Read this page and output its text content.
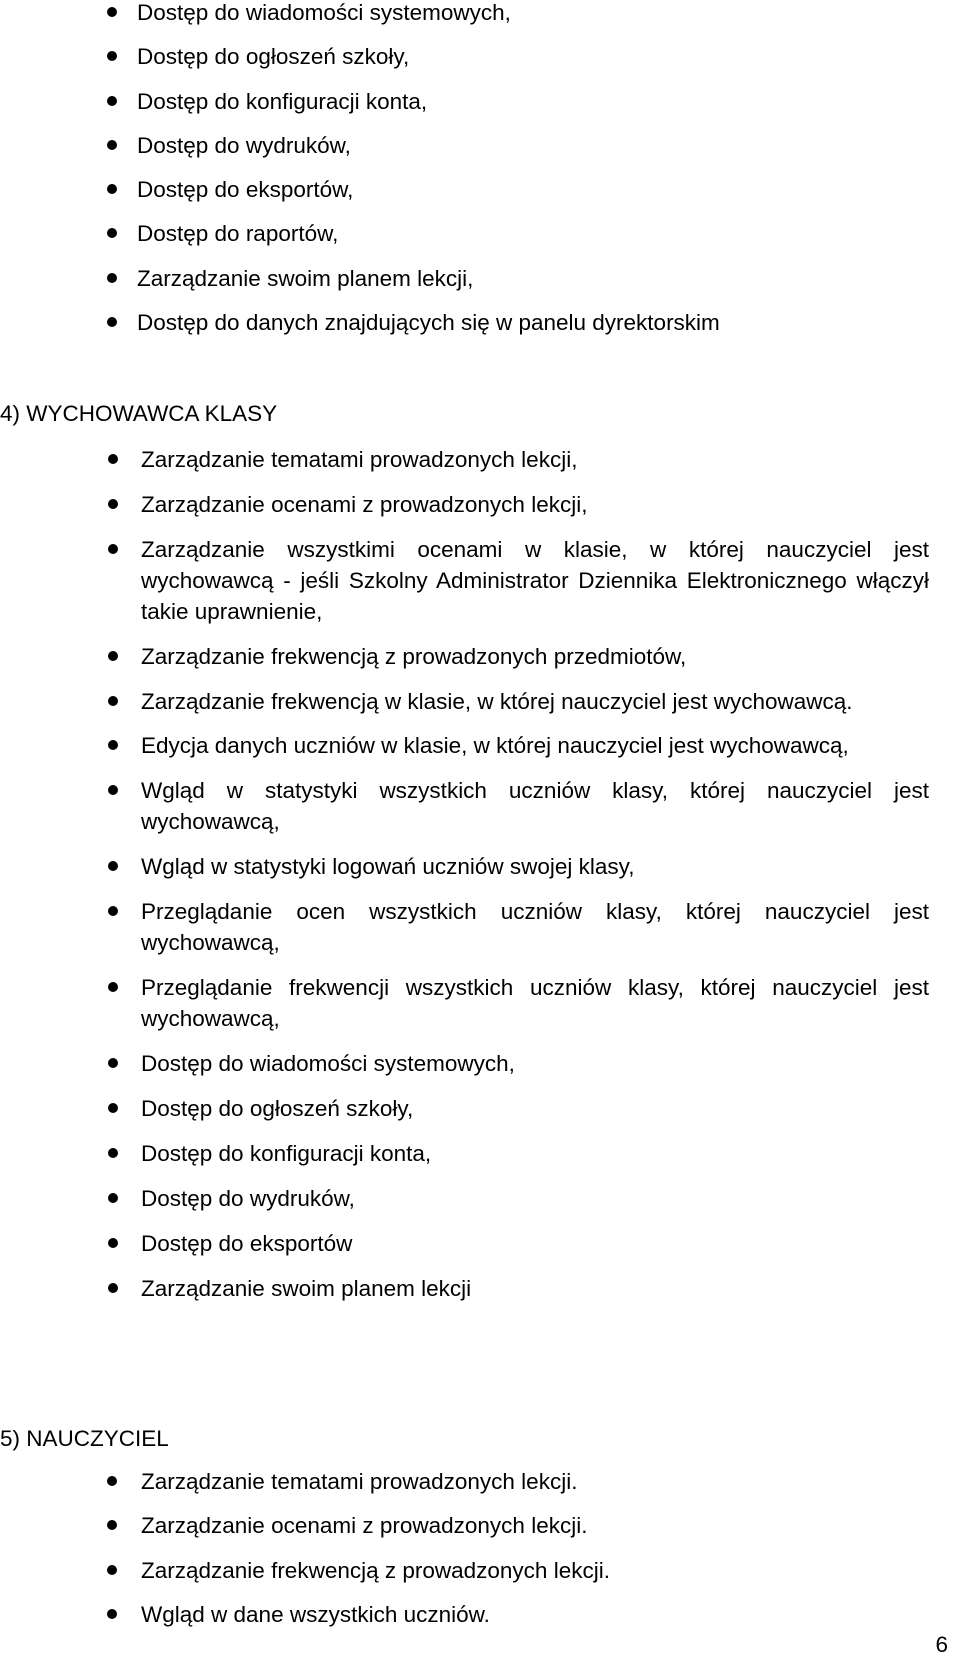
Dostęp do wiadomości systemowych,
Dostęp do ogłoszeń szkoły,
Dostęp do konfiguracji konta,
Dostęp do wydruków,
Dostęp do eksportów,
Dostęp do raportów,
Zarządzanie swoim planem lekcji,
Dostęp do danych znajdujących się w panelu dyrektorskim
4) WYCHOWAWCA KLASY
Zarządzanie tematami prowadzonych lekcji,
Zarządzanie ocenami z prowadzonych lekcji,
Zarządzanie wszystkimi ocenami w klasie, w której nauczyciel jest wychowawcą - jeśli Szkolny Administrator Dziennika Elektronicznego włączył takie uprawnienie,
Zarządzanie frekwencją z prowadzonych przedmiotów,
Zarządzanie frekwencją w klasie, w której nauczyciel jest wychowawcą.
Edycja danych uczniów w klasie, w której nauczyciel jest wychowawcą,
Wgląd w statystyki wszystkich uczniów klasy, której nauczyciel jest wychowawcą,
Wgląd w statystyki logowań uczniów swojej klasy,
Przeglądanie ocen wszystkich uczniów klasy, której nauczyciel jest wychowawcą,
Przeglądanie frekwencji wszystkich uczniów klasy, której nauczyciel jest wychowawcą,
Dostęp do wiadomości systemowych,
Dostęp do ogłoszeń szkoły,
Dostęp do konfiguracji konta,
Dostęp do wydruków,
Dostęp do eksportów
Zarządzanie swoim planem lekcji
5) NAUCZYCIEL
Zarządzanie tematami prowadzonych lekcji.
Zarządzanie ocenami z prowadzonych lekcji.
Zarządzanie frekwencją z prowadzonych lekcji.
Wgląd w dane wszystkich uczniów.
6
